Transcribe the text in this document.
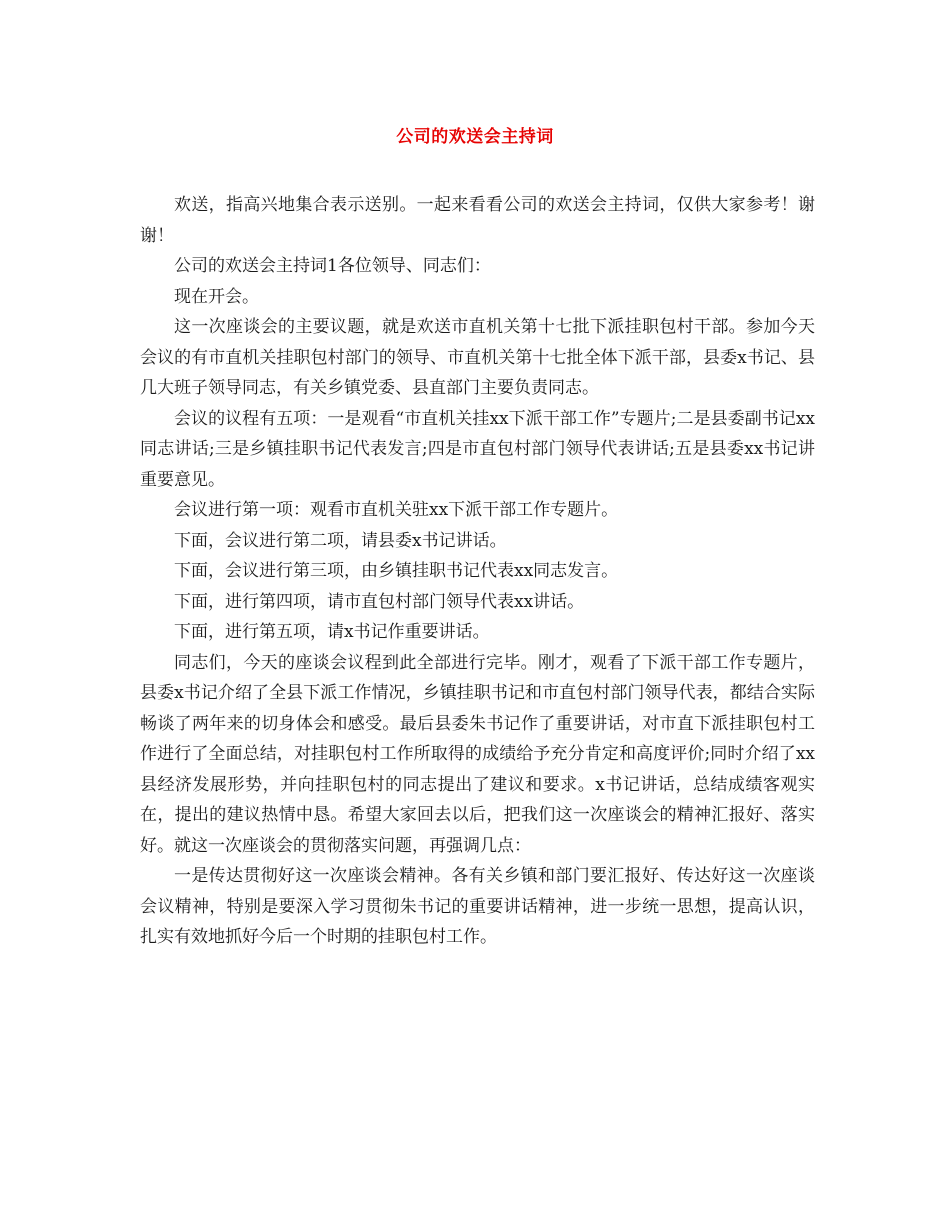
公司的欢送会主持词

欢送，指高兴地集合表示送别。一起来看看公司的欢送会主持词，仅供大家参考！谢谢！

公司的欢送会主持词1各位领导、同志们：

现在开会。

这一次座谈会的主要议题，就是欢送市直机关第十七批下派挂职包村干部。参加今天会议的有市直机关挂职包村部门的领导、市直机关第十七批全体下派干部，县委x书记、县几大班子领导同志，有关乡镇党委、县直部门主要负责同志。

会议的议程有五项：一是观看“市直机关挂xx下派干部工作”专题片;二是县委副书记xx同志讲话;三是乡镇挂职书记代表发言;四是市直包村部门领导代表讲话;五是县委xx书记讲重要意见。

会议进行第一项：观看市直机关驻xx下派干部工作专题片。

下面，会议进行第二项，请县委x书记讲话。

下面，会议进行第三项，由乡镇挂职书记代表xx同志发言。

下面，进行第四项，请市直包村部门领导代表xx讲话。

下面，进行第五项，请x书记作重要讲话。

同志们，今天的座谈会议程到此全部进行完毕。刚才，观看了下派干部工作专题片，县委x书记介绍了全县下派工作情况，乡镇挂职书记和市直包村部门领导代表，都结合实际畅谈了两年来的切身体会和感受。最后县委朱书记作了重要讲话，对市直下派挂职包村工作进行了全面总结，对挂职包村工作所取得的成绩给予充分肯定和高度评价;同时介绍了xx县经济发展形势，并向挂职包村的同志提出了建议和要求。x书记讲话，总结成绩客观实在，提出的建议热情中恳。希望大家回去以后，把我们这一次座谈会的精神汇报好、落实好。就这一次座谈会的贯彻落实问题，再强调几点：

一是传达贯彻好这一次座谈会精神。各有关乡镇和部门要汇报好、传达好这一次座谈会议精神，特别是要深入学习贯彻朱书记的重要讲话精神，进一步统一思想，提高认识，扎实有效地抓好今后一个时期的挂职包村工作。
